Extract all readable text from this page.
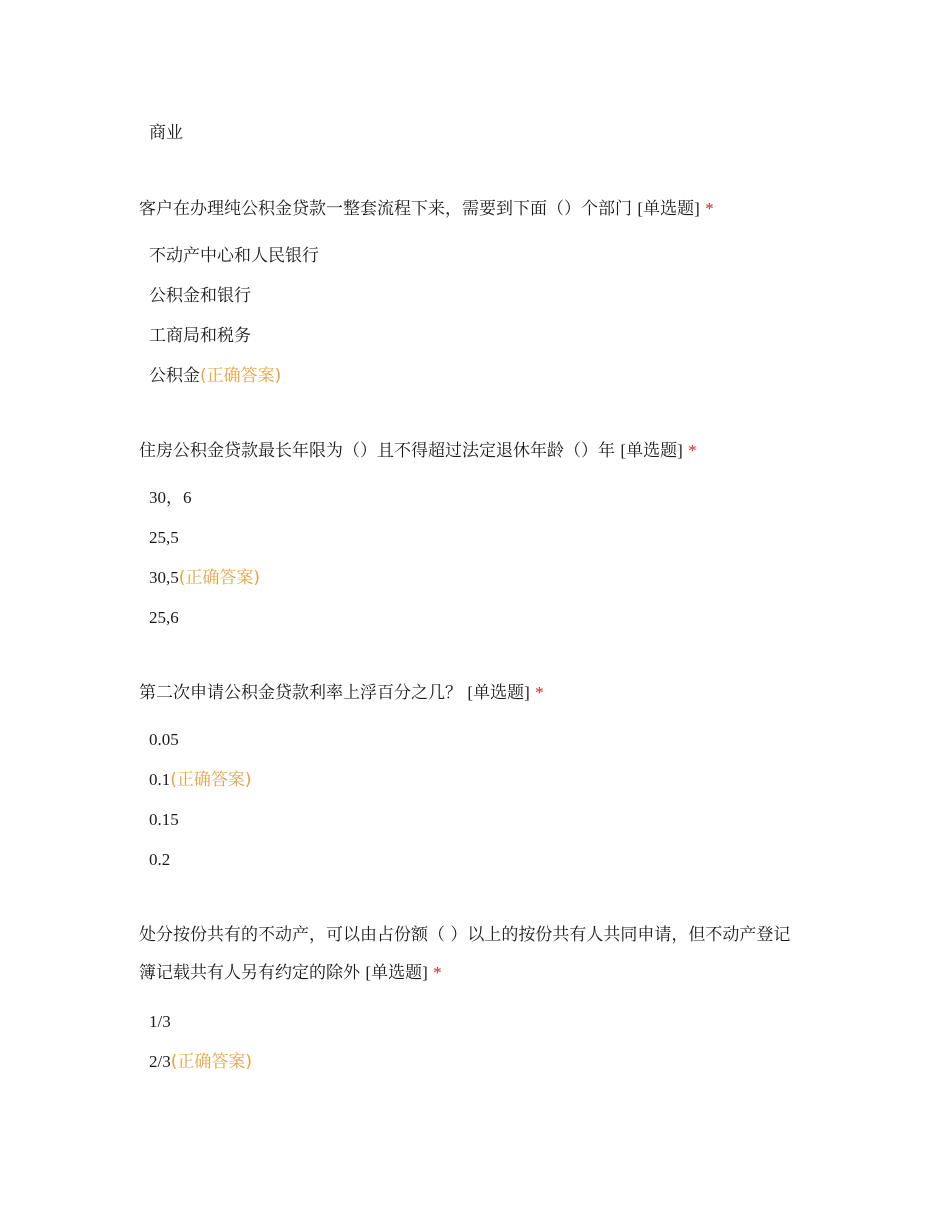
商业
客户在办理纯公积金贷款一整套流程下来，需要到下面（）个部门 [单选题] *
不动产中心和人民银行
公积金和银行
工商局和税务
公积金(正确答案)
住房公积金贷款最长年限为（）且不得超过法定退休年龄（）年 [单选题] *
30，6
25,5
30,5(正确答案)
25,6
第二次申请公积金贷款利率上浮百分之几？ [单选题] *
0.05
0.1(正确答案)
0.15
0.2
处分按份共有的不动产，可以由占份额（ ）以上的按份共有人共同申请，但不动产登记簿记载共有人另有约定的除外 [单选题] *
1/3
2/3(正确答案)
